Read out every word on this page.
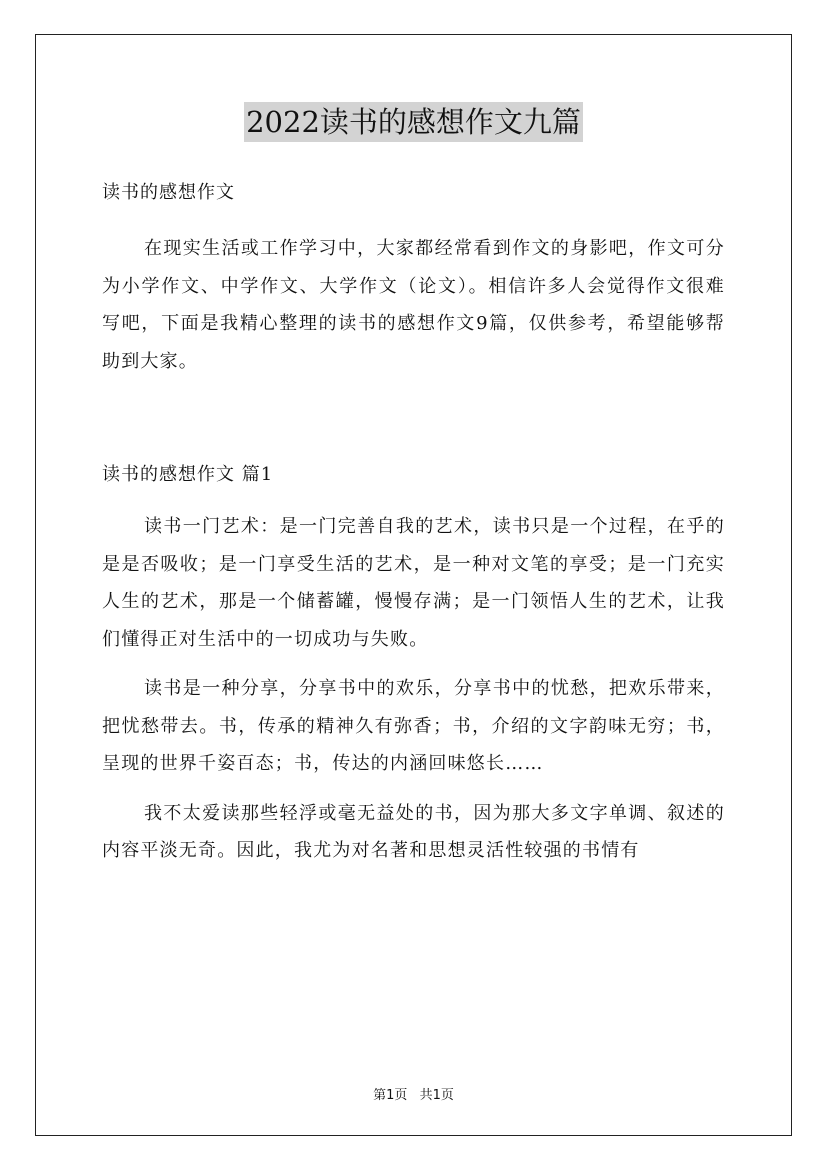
2022读书的感想作文九篇

读书的感想作文

在现实生活或工作学习中，大家都经常看到作文的身影吧，作文可分为小学作文、中学作文、大学作文（论文）。相信许多人会觉得作文很难写吧，下面是我精心整理的读书的感想作文9篇，仅供参考，希望能够帮助到大家。

读书的感想作文 篇1

读书一门艺术：是一门完善自我的艺术，读书只是一个过程，在乎的是是否吸收；是一门享受生活的艺术，是一种对文笔的享受；是一门充实人生的艺术，那是一个储蓄罐，慢慢存满；是一门领悟人生的艺术，让我们懂得正对生活中的一切成功与失败。

读书是一种分享，分享书中的欢乐，分享书中的忧愁，把欢乐带来，把忧愁带去。书，传承的精神久有弥香；书，介绍的文字韵味无穷；书，呈现的世界千姿百态；书，传达的内涵回味悠长……

我不太爱读那些轻浮或毫无益处的书，因为那大多文字单调、叙述的内容平淡无奇。因此，我尤为对名著和思想灵活性较强的书情有

第1页 共1页
